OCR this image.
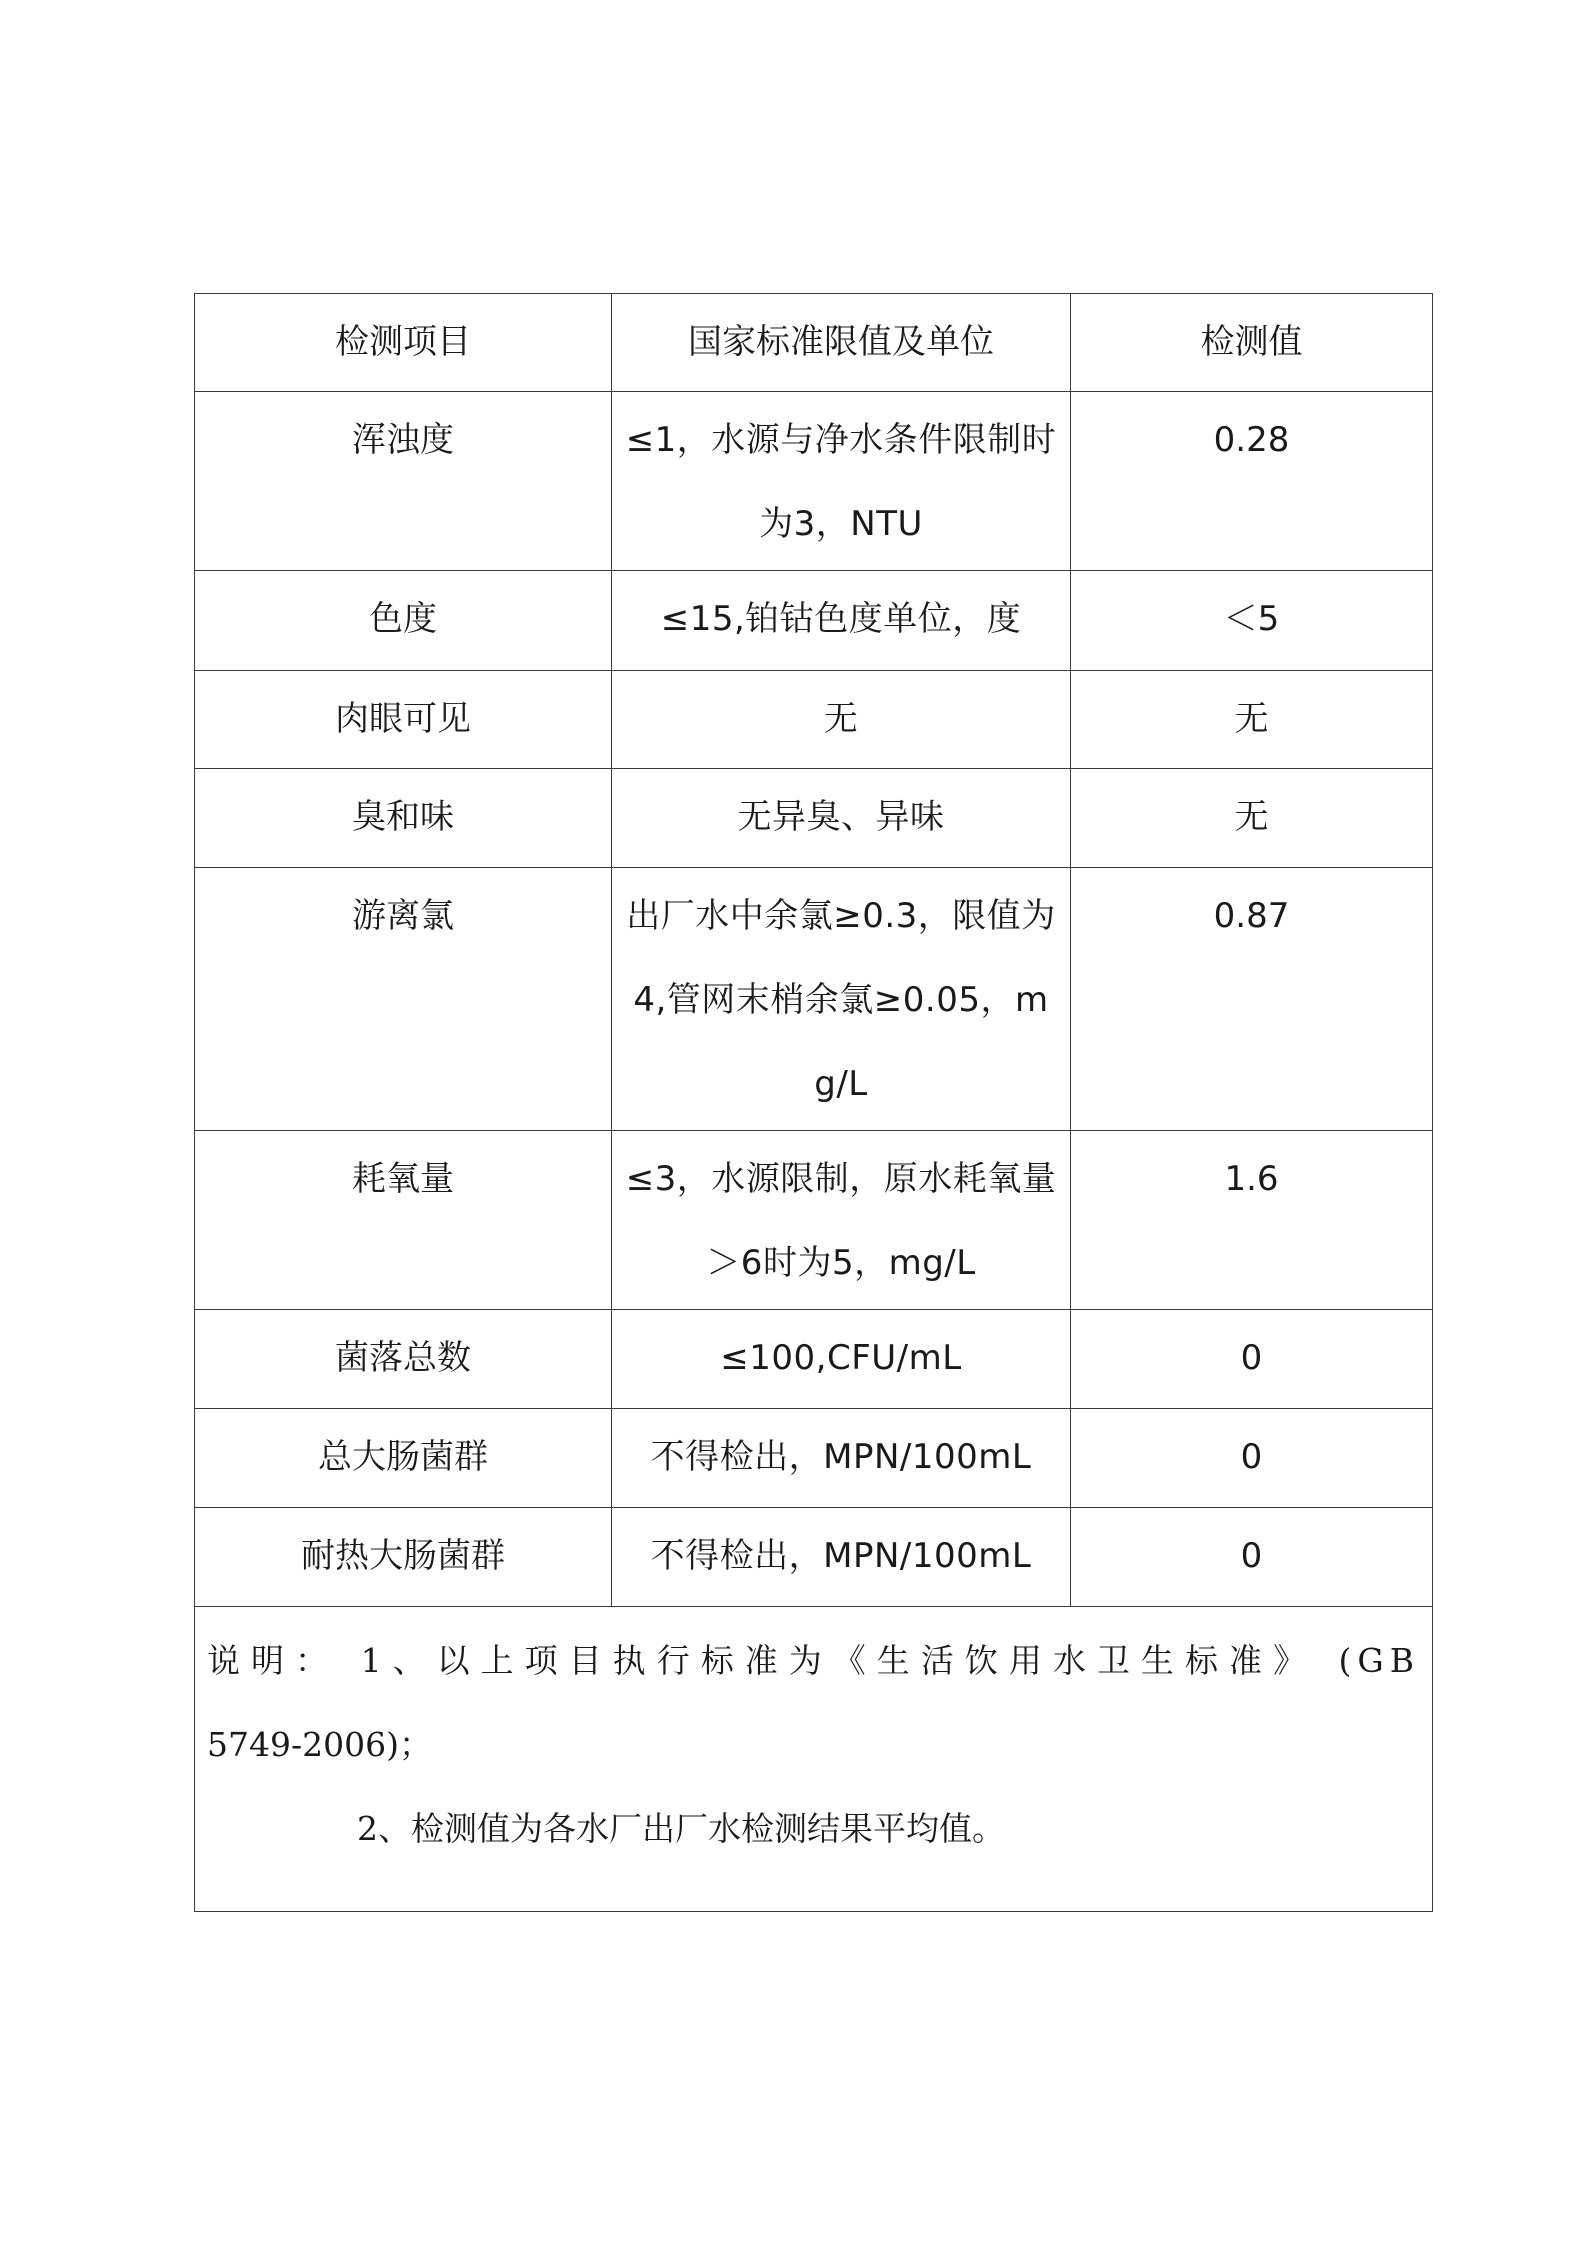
检测项目	国家标准限值及单位	检测值
浑浊度	≤1，水源与净水条件限制时为3，NTU	0.28
色度	≤15,铂钴色度单位，度	＜5
肉眼可见	无	无
臭和味	无异臭、异味	无
游离氯	出厂水中余氯≥0.3，限值为4,管网末梢余氯≥0.05，mg/L	0.87
耗氧量	≤3，水源限制，原水耗氧量＞6时为5，mg/L	1.6
菌落总数	≤100,CFU/mL	0
总大肠菌群	不得检出，MPN/100mL	0
耐热大肠菌群	不得检出，MPN/100mL	0

说明： 1、以上项目执行标准为《生活饮用水卫生标准》 (GB
5749-2006)；
2、检测值为各水厂出厂水检测结果平均值。		
